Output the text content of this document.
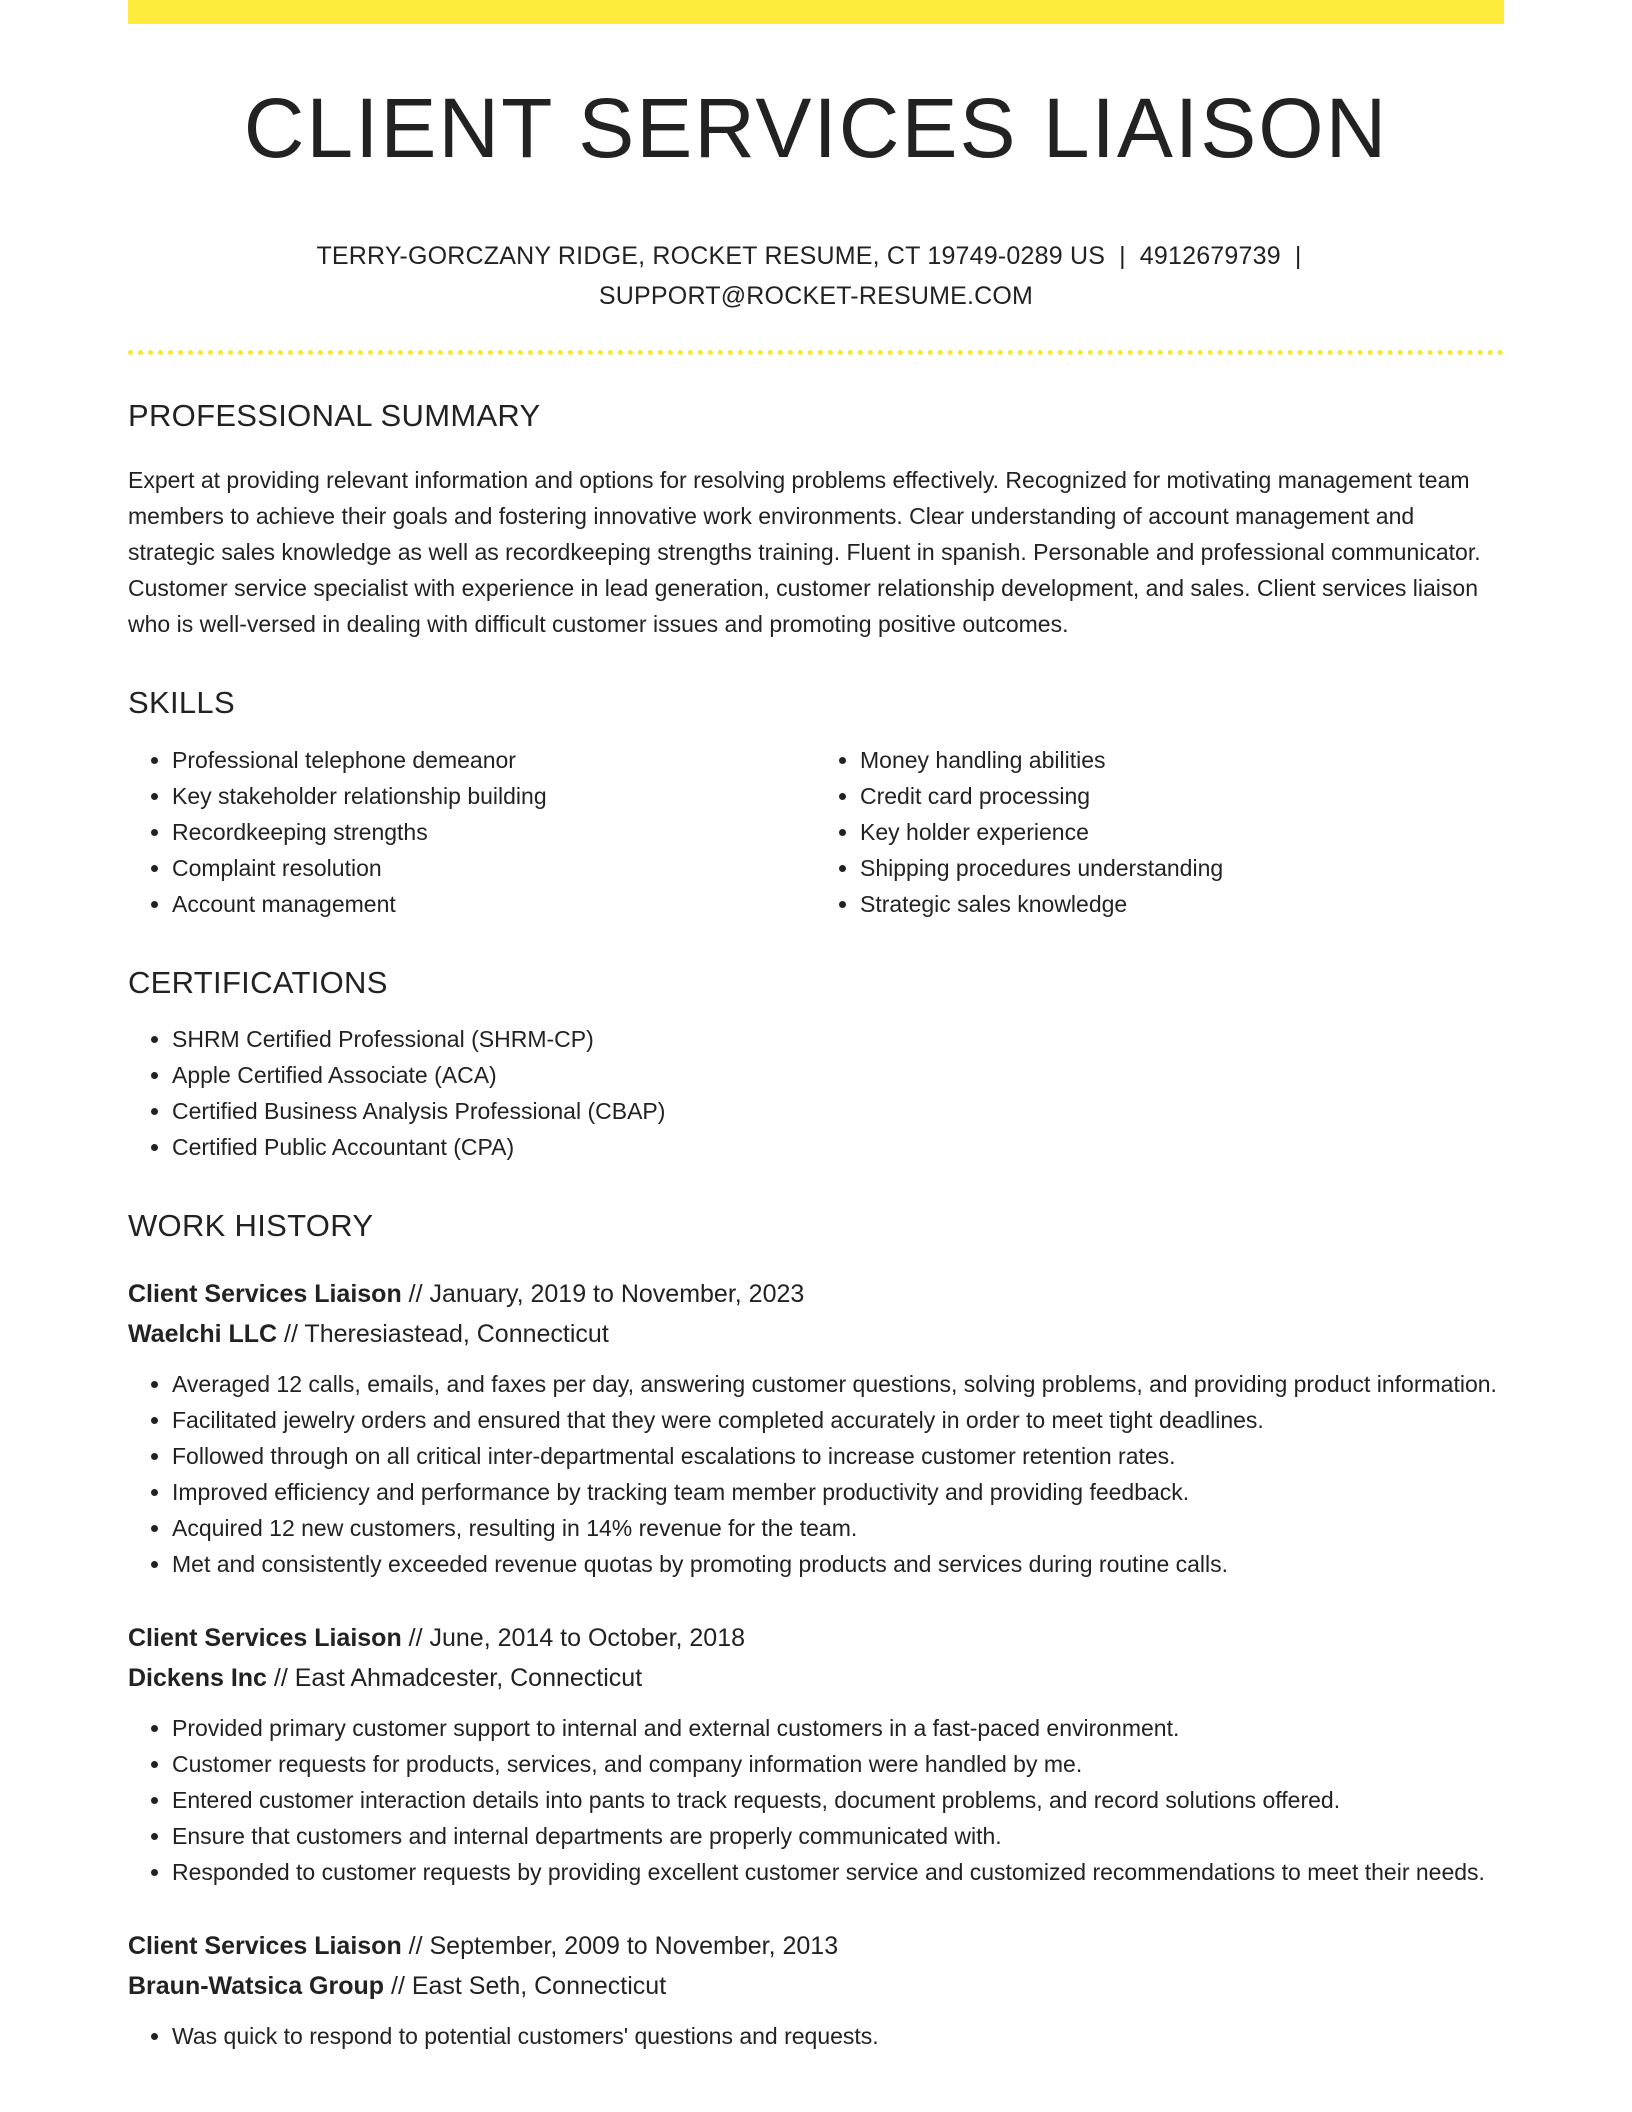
CLIENT SERVICES LIAISON
TERRY-GORCZANY RIDGE, ROCKET RESUME, CT 19749-0289 US | 4912679739 |
SUPPORT@ROCKET-RESUME.COM
PROFESSIONAL SUMMARY

Expert at providing relevant information and options for resolving problems effectively. Recognized for motivating management team members to achieve their goals and fostering innovative work environments. Clear understanding of account management and strategic sales knowledge as well as recordkeeping strengths training. Fluent in spanish. Personable and professional communicator. Customer service specialist with experience in lead generation, customer relationship development, and sales. Client services liaison who is well-versed in dealing with difficult customer issues and promoting positive outcomes.

SKILLS
• Professional telephone demeanor
• Key stakeholder relationship building
• Recordkeeping strengths
• Complaint resolution
• Account management
• Money handling abilities
• Credit card processing
• Key holder experience
• Shipping procedures understanding
• Strategic sales knowledge
CERTIFICATIONS
• SHRM Certified Professional (SHRM-CP)
• Apple Certified Associate (ACA)
• Certified Business Analysis Professional (CBAP)
• Certified Public Accountant (CPA)
WORK HISTORY
Client Services Liaison // January, 2019 to November, 2023
Waelchi LLC // Theresiastead, Connecticut
• Averaged 12 calls, emails, and faxes per day, answering customer questions, solving problems, and providing product information.
• Facilitated jewelry orders and ensured that they were completed accurately in order to meet tight deadlines.
• Followed through on all critical inter-departmental escalations to increase customer retention rates.
• Improved efficiency and performance by tracking team member productivity and providing feedback.
• Acquired 12 new customers, resulting in 14% revenue for the team.
• Met and consistently exceeded revenue quotas by promoting products and services during routine calls.
Client Services Liaison // June, 2014 to October, 2018
Dickens Inc // East Ahmadcester, Connecticut
• Provided primary customer support to internal and external customers in a fast-paced environment.
• Customer requests for products, services, and company information were handled by me.
• Entered customer interaction details into pants to track requests, document problems, and record solutions offered.
• Ensure that customers and internal departments are properly communicated with.
• Responded to customer requests by providing excellent customer service and customized recommendations to meet their needs.
Client Services Liaison // September, 2009 to November, 2013
Braun-Watsica Group // East Seth, Connecticut
• Was quick to respond to potential customers' questions and requests.
